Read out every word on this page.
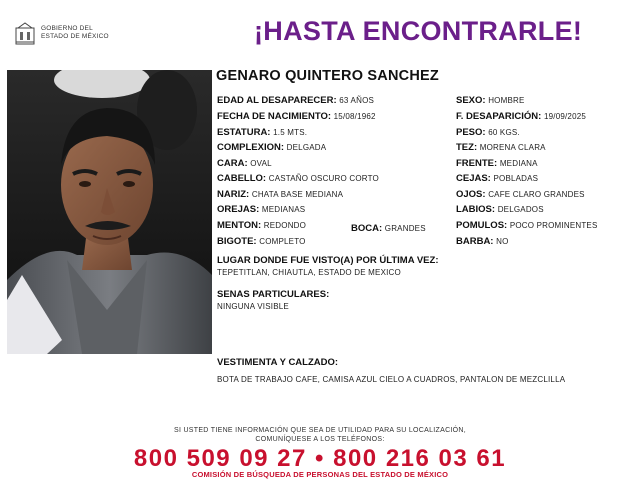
GOBIERNO DEL
ESTADO DE MÉXICO	¡HASTA ENCONTRARLE!
GENARO QUINTERO SANCHEZ
EDAD AL DESAPARECER: 63 AÑOS
FECHA DE NACIMIENTO: 15/08/1962
ESTATURA: 1.5 MTS.
COMPLEXION: DELGADA
CARA: OVAL
CABELLO: CASTAÑO OSCURO CORTO
NARIZ: CHATA BASE MEDIANA
OREJAS: MEDIANAS
MENTON: REDONDO	BOCA: GRANDES
BIGOTE: COMPLETO
SEXO: HOMBRE
F. DESAPARICIÓN: 19/09/2025
PESO: 60 KGS.
TEZ: MORENA CLARA
FRENTE: MEDIANA
CEJAS: POBLADAS
OJOS: CAFE CLARO GRANDES
LABIOS: DELGADOS
POMULOS: POCO PROMINENTES
BARBA: NO
LUGAR DONDE FUE VISTO(A) POR ÚLTIMA VEZ:
TEPETITLAN, CHIAUTLA, ESTADO DE MEXICO
SENAS PARTICULARES:
NINGUNA VISIBLE
VESTIMENTA Y CALZADO:
BOTA DE TRABAJO CAFE, CAMISA AZUL CIELO A CUADROS, PANTALON DE MEZCLILLA
SI USTED TIENE INFORMACIÓN QUE SEA DE UTILIDAD PARA SU LOCALIZACIÓN,
COMUNÍQUESE A LOS TELÉFONOS:
800 509 09 27 • 800 216 03 61
COMISIÓN DE BÚSQUEDA DE PERSONAS DEL ESTADO DE MÉXICO
